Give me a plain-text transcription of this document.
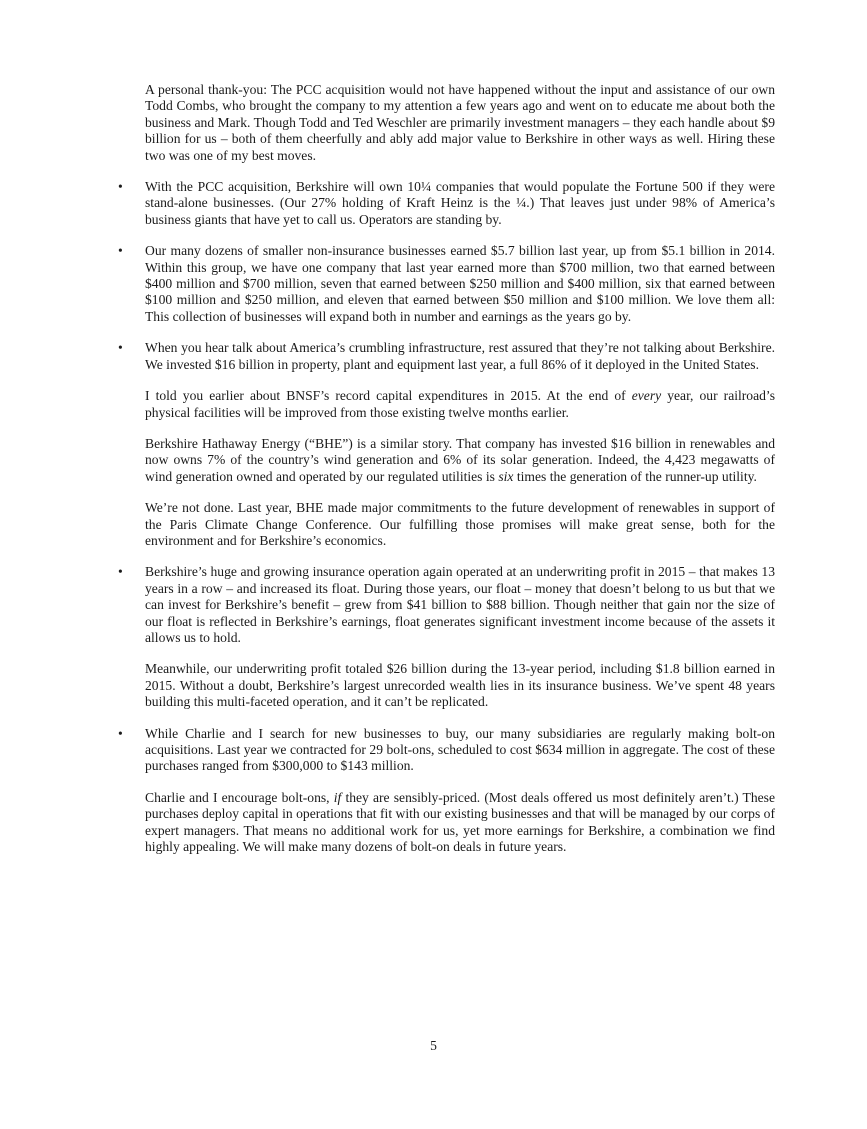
A personal thank-you: The PCC acquisition would not have happened without the input and assistance of our own Todd Combs, who brought the company to my attention a few years ago and went on to educate me about both the business and Mark. Though Todd and Ted Weschler are primarily investment managers – they each handle about $9 billion for us – both of them cheerfully and ably add major value to Berkshire in other ways as well. Hiring these two was one of my best moves.

• With the PCC acquisition, Berkshire will own 10¼ companies that would populate the Fortune 500 if they were stand-alone businesses. (Our 27% holding of Kraft Heinz is the ¼.) That leaves just under 98% of America’s business giants that have yet to call us. Operators are standing by.

• Our many dozens of smaller non-insurance businesses earned $5.7 billion last year, up from $5.1 billion in 2014. Within this group, we have one company that last year earned more than $700 million, two that earned between $400 million and $700 million, seven that earned between $250 million and $400 million, six that earned between $100 million and $250 million, and eleven that earned between $50 million and $100 million. We love them all: This collection of businesses will expand both in number and earnings as the years go by.

• When you hear talk about America’s crumbling infrastructure, rest assured that they’re not talking about Berkshire. We invested $16 billion in property, plant and equipment last year, a full 86% of it deployed in the United States.

I told you earlier about BNSF’s record capital expenditures in 2015. At the end of every year, our railroad’s physical facilities will be improved from those existing twelve months earlier.

Berkshire Hathaway Energy (“BHE”) is a similar story. That company has invested $16 billion in renewables and now owns 7% of the country’s wind generation and 6% of its solar generation. Indeed, the 4,423 megawatts of wind generation owned and operated by our regulated utilities is six times the generation of the runner-up utility.

We’re not done. Last year, BHE made major commitments to the future development of renewables in support of the Paris Climate Change Conference. Our fulfilling those promises will make great sense, both for the environment and for Berkshire’s economics.

• Berkshire’s huge and growing insurance operation again operated at an underwriting profit in 2015 – that makes 13 years in a row – and increased its float. During those years, our float – money that doesn’t belong to us but that we can invest for Berkshire’s benefit – grew from $41 billion to $88 billion. Though neither that gain nor the size of our float is reflected in Berkshire’s earnings, float generates significant investment income because of the assets it allows us to hold.

Meanwhile, our underwriting profit totaled $26 billion during the 13-year period, including $1.8 billion earned in 2015. Without a doubt, Berkshire’s largest unrecorded wealth lies in its insurance business. We’ve spent 48 years building this multi-faceted operation, and it can’t be replicated.

• While Charlie and I search for new businesses to buy, our many subsidiaries are regularly making bolt-on acquisitions. Last year we contracted for 29 bolt-ons, scheduled to cost $634 million in aggregate. The cost of these purchases ranged from $300,000 to $143 million.

Charlie and I encourage bolt-ons, if they are sensibly-priced. (Most deals offered us most definitely aren’t.) These purchases deploy capital in operations that fit with our existing businesses and that will be managed by our corps of expert managers. That means no additional work for us, yet more earnings for Berkshire, a combination we find highly appealing. We will make many dozens of bolt-on deals in future years.

5
